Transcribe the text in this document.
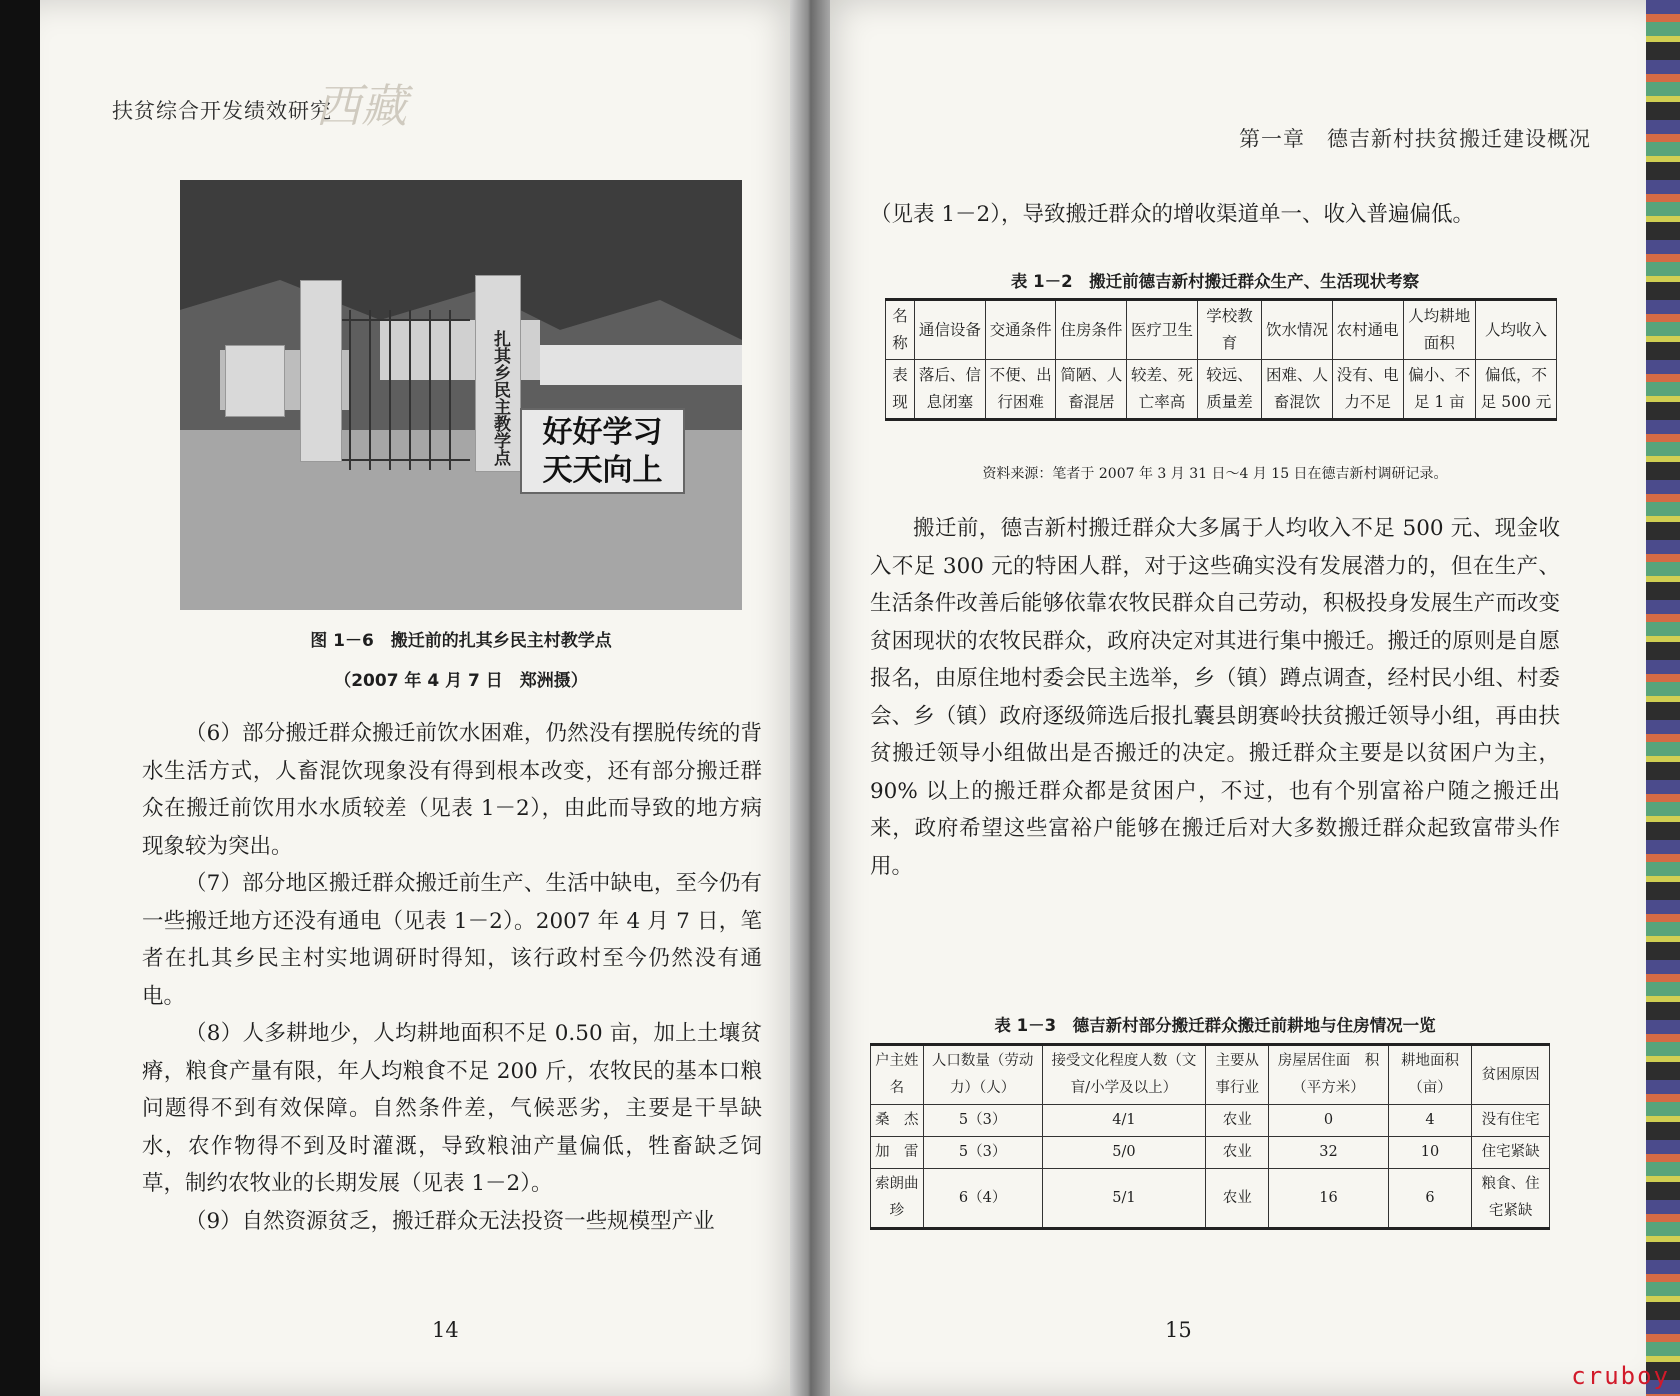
扶贫综合开发绩效研究
西藏
扎其乡民主教学点	好好学习
天天向上
图 1－6　搬迁前的扎其乡民主村教学点
（2007 年 4 月 7 日　郑洲摄）

（6）部分搬迁群众搬迁前饮水困难，仍然没有摆脱传统的背水生活方式，人畜混饮现象没有得到根本改变，还有部分搬迁群众在搬迁前饮用水水质较差（见表 1－2），由此而导致的地方病现象较为突出。

（7）部分地区搬迁群众搬迁前生产、生活中缺电，至今仍有一些搬迁地方还没有通电（见表 1－2）。2007 年 4 月 7 日，笔者在扎其乡民主村实地调研时得知，该行政村至今仍然没有通电。

（8）人多耕地少，人均耕地面积不足 0.50 亩，加上土壤贫瘠，粮食产量有限，年人均粮食不足 200 斤，农牧民的基本口粮问题得不到有效保障。自然条件差，气候恶劣，主要是干旱缺水，农作物得不到及时灌溉，导致粮油产量偏低，牲畜缺乏饲草，制约农牧业的长期发展（见表 1－2）。

（9）自然资源贫乏，搬迁群众无法投资一些规模型产业

14
第一章　德吉新村扶贫搬迁建设概况

（见表 1－2），导致搬迁群众的增收渠道单一、收入普遍偏低。

表 1－2　搬迁前德吉新村搬迁群众生产、生活现状考察
名称	通信设备	交通条件	住房条件	医疗卫生	学校教育	饮水情况	农村通电	人均耕地面积	人均收入
表现	落后、信息闭塞	不便、出行困难	简陋、人畜混居	较差、死亡率高	较远、质量差	困难、人畜混饮	没有、电力不足	偏小、不足 1 亩	偏低，不足 500 元
资料来源：笔者于 2007 年 3 月 31 日～4 月 15 日在德吉新村调研记录。

搬迁前，德吉新村搬迁群众大多属于人均收入不足 500 元、现金收入不足 300 元的特困人群，对于这些确实没有发展潜力的，但在生产、生活条件改善后能够依靠农牧民群众自己劳动，积极投身发展生产而改变贫困现状的农牧民群众，政府决定对其进行集中搬迁。搬迁的原则是自愿报名，由原住地村委会民主选举，乡（镇）蹲点调查，经村民小组、村委会、乡（镇）政府逐级筛选后报扎囊县朗赛岭扶贫搬迁领导小组，再由扶贫搬迁领导小组做出是否搬迁的决定。搬迁群众主要是以贫困户为主，90% 以上的搬迁群众都是贫困户，不过，也有个别富裕户随之搬迁出来，政府希望这些富裕户能够在搬迁后对大多数搬迁群众起致富带头作用。

表 1－3　德吉新村部分搬迁群众搬迁前耕地与住房情况一览
户主姓名	人口数量（劳动力）（人）	接受文化程度人数（文盲/小学及以上）	主要从事行业	房屋居住面　积（平方米）	耕地面积（亩）	贫困原因
桑　杰	5（3）	4/1	农业	0	4	没有住宅
加　雷	5（3）	5/0	农业	32	10	住宅紧缺
索朗曲珍	6（4）	5/1	农业	16	6	粮食、住宅紧缺
15
cruboy
